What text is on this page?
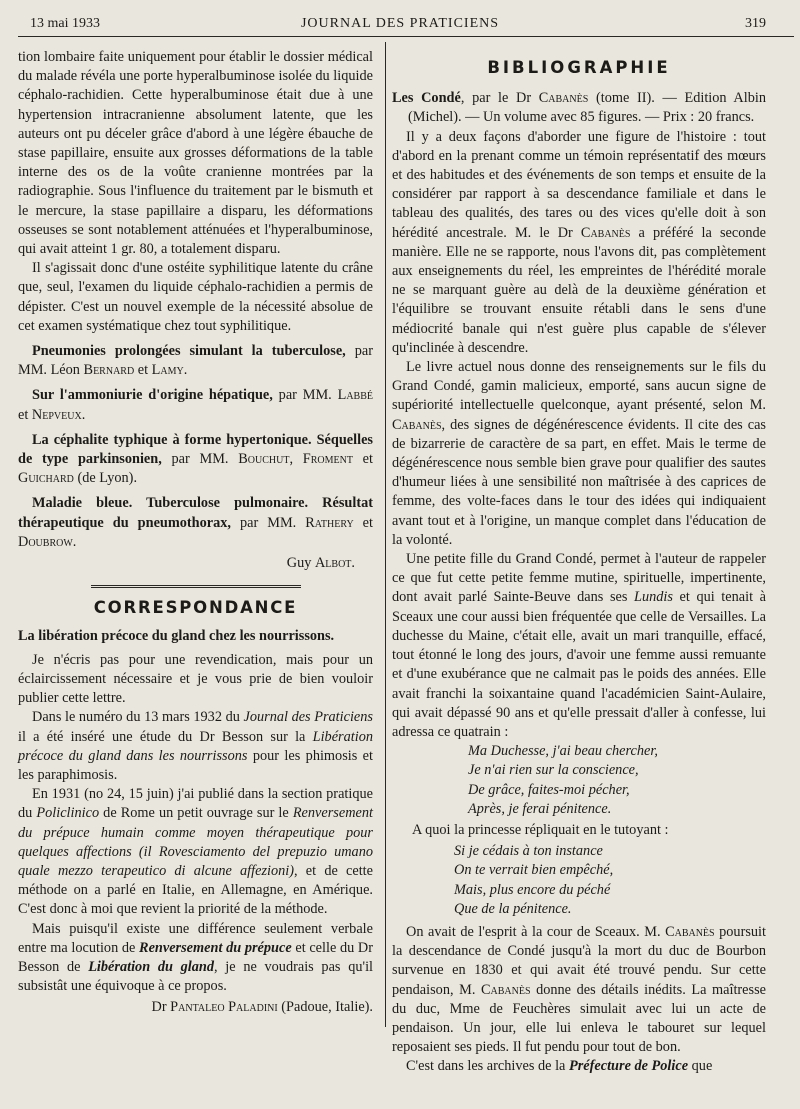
13 mai 1933	JOURNAL DES PRATICIENS	319

tion lombaire faite uniquement pour établir le dossier médical du malade révéla une porte hyperalbuminose isolée du liquide céphalo-rachidien. Cette hyperalbuminose était due à une hypertension intracranienne absolument latente, que les auteurs ont pu déceler grâce d'abord à une légère ébauche de stase papillaire, ensuite aux grosses déformations de la table interne des os de la voûte cranienne montrées par la radiographie. Sous l'influence du traitement par le bismuth et le mercure, la stase papillaire a disparu, les déformations osseuses se sont notablement atténuées et l'hyperalbuminose, qui avait atteint 1 gr. 80, a totalement disparu.

Il s'agissait donc d'une ostéite syphilitique latente du crâne que, seul, l'examen du liquide céphalo-rachidien a permis de dépister. C'est un nouvel exemple de la nécessité absolue de cet examen systématique chez tout syphilitique.

Pneumonies prolongées simulant la tuberculose, par MM. Léon Bernard et Lamy.

Sur l'ammoniurie d'origine hépatique, par MM. Labbé et Nepveux.

La céphalite typhique à forme hypertonique. Séquelles de type parkinsonien, par MM. Bouchut, Froment et Guichard (de Lyon).

Maladie bleue. Tuberculose pulmonaire. Résultat thérapeutique du pneumothorax, par MM. Rathery et Doubrow.

Guy Albot.

CORRESPONDANCE

La libération précoce du gland chez les nourrissons.

Je n'écris pas pour une revendication, mais pour un éclaircissement nécessaire et je vous prie de bien vouloir publier cette lettre.

Dans le numéro du 13 mars 1932 du Journal des Praticiens il a été inséré une étude du Dr Besson sur la Libération précoce du gland dans les nourrissons pour les phimosis et les paraphimosis.

En 1931 (no 24, 15 juin) j'ai publié dans la section pratique du Policlinico de Rome un petit ouvrage sur le Renversement du prépuce humain comme moyen thérapeutique pour quelques affections (il Rovesciamento del prepuzio umano quale mezzo terapeutico di alcune affezioni), et de cette méthode on a parlé en Italie, en Allemagne, en Amérique. C'est donc à moi que revient la priorité de la méthode.

Mais puisqu'il existe une différence seulement verbale entre ma locution de Renversement du prépuce et celle du Dr Besson de Libération du gland, je ne voudrais pas qu'il subsistât une équivoque à ce propos.

Dr Pantaleo Paladini (Padoue, Italie).

BIBLIOGRAPHIE

Les Condé, par le Dr Cabanès (tome II). — Edition Albin (Michel). — Un volume avec 85 figures. — Prix : 20 francs.

Il y a deux façons d'aborder une figure de l'histoire : tout d'abord en la prenant comme un témoin représentatif des mœurs et des habitudes et des événements de son temps et ensuite de la considérer par rapport à sa descendance familiale et dans le tableau des qualités, des tares ou des vices qu'elle doit à son hérédité ancestrale. M. le Dr Cabanès a préféré la seconde manière. Elle ne se rapporte, nous l'avons dit, pas complètement aux enseignements du réel, les empreintes de l'hérédité morale ne se marquant guère au delà de la deuxième génération et l'équilibre se trouvant ensuite rétabli dans le sens d'une médiocrité banale qui n'est guère plus capable de s'élever qu'inclinée à descendre.

Le livre actuel nous donne des renseignements sur le fils du Grand Condé, gamin malicieux, emporté, sans aucun signe de supériorité intellectuelle quelconque, ayant présenté, selon M. Cabanès, des signes de dégénérescence évidents. Il cite des cas de bizarrerie de caractère de sa part, en effet. Mais le terme de dégénérescence nous semble bien grave pour qualifier des sautes d'humeur liées à une sensibilité non maîtrisée à des caprices de femme, des volte-faces dans le tour des idées qui indiquaient avant tout et à l'origine, un manque complet dans l'éducation de la volonté.

Une petite fille du Grand Condé, permet à l'auteur de rappeler ce que fut cette petite femme mutine, spirituelle, impertinente, dont avait parlé Sainte-Beuve dans ses Lundis et qui tenait à Sceaux une cour aussi bien fréquentée que celle de Versailles. La duchesse du Maine, c'était elle, avait un mari tranquille, effacé, tout étonné le long des jours, d'avoir une femme aussi remuante et d'une exubérance que ne calmait pas le poids des années. Elle avait franchi la soixantaine quand l'académicien Saint-Aulaire, qui avait dépassé 90 ans et qu'elle pressait d'aller à confesse, lui adressa ce quatrain :

Ma Duchesse, j'ai beau chercher,
Je n'ai rien sur la conscience,
De grâce, faites-moi pécher,
Après, je ferai pénitence.

A quoi la princesse répliquait en le tutoyant :

Si je cédais à ton instance
On te verrait bien empêché,
Mais, plus encore du péché
Que de la pénitence.

On avait de l'esprit à la cour de Sceaux. M. Cabanès poursuit la descendance de Condé jusqu'à la mort du duc de Bourbon survenue en 1830 et qui avait été trouvé pendu. Sur cette pendaison, M. Cabanès donne des détails inédits. La maîtresse du duc, Mme de Feuchères simulait avec lui un acte de pendaison. Un jour, elle lui enleva le tabouret sur lequel reposaient ses pieds. Il fut pendu pour tout de bon.

C'est dans les archives de la Préfecture de Police que
